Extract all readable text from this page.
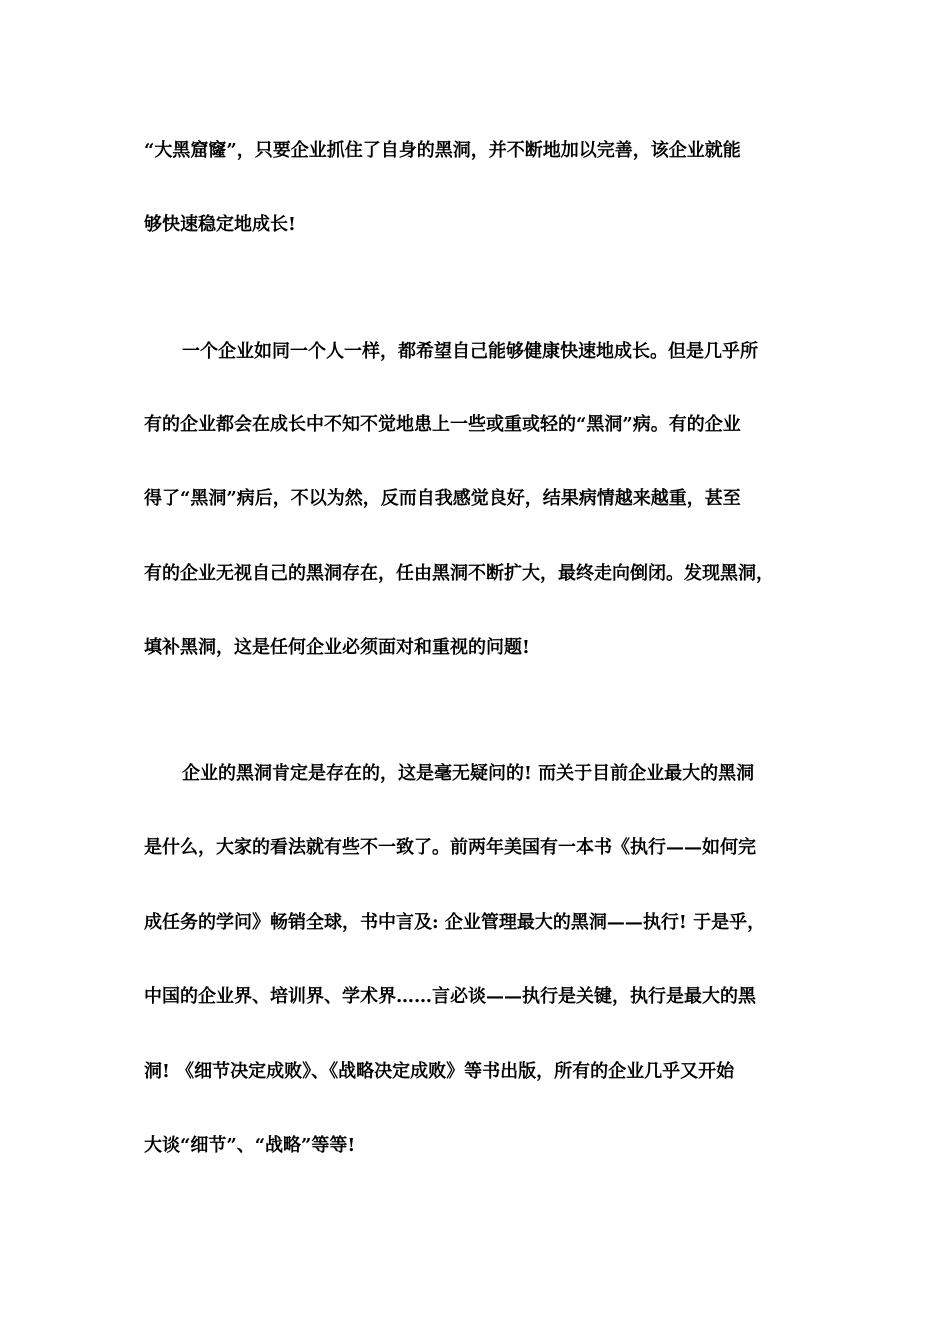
“大黑窟窿”，只要企业抓住了自身的黑洞，并不断地加以完善，该企业就能
够快速稳定地成长!
一个企业如同一个人一样，都希望自己能够健康快速地成长。但是几乎所
有的企业都会在成长中不知不觉地患上一些或重或轻的“黑洞”病。有的企业
得了“黑洞”病后，不以为然，反而自我感觉良好，结果病情越来越重，甚至
有的企业无视自己的黑洞存在，任由黑洞不断扩大，最终走向倒闭。发现黑洞，
填补黑洞，这是任何企业必须面对和重视的问题!
企业的黑洞肯定是存在的，这是毫无疑问的! 而关于目前企业最大的黑洞
是什么，大家的看法就有些不一致了。前两年美国有一本书《执行——如何完
成任务的学问》畅销全球，书中言及: 企业管理最大的黑洞——执行! 于是乎，
中国的企业界、培训界、学术界……言必谈——执行是关键，执行是最大的黑
洞! 《细节决定成败》、《战略决定成败》等书出版，所有的企业几乎又开始
大谈“细节”、“战略”等等!
